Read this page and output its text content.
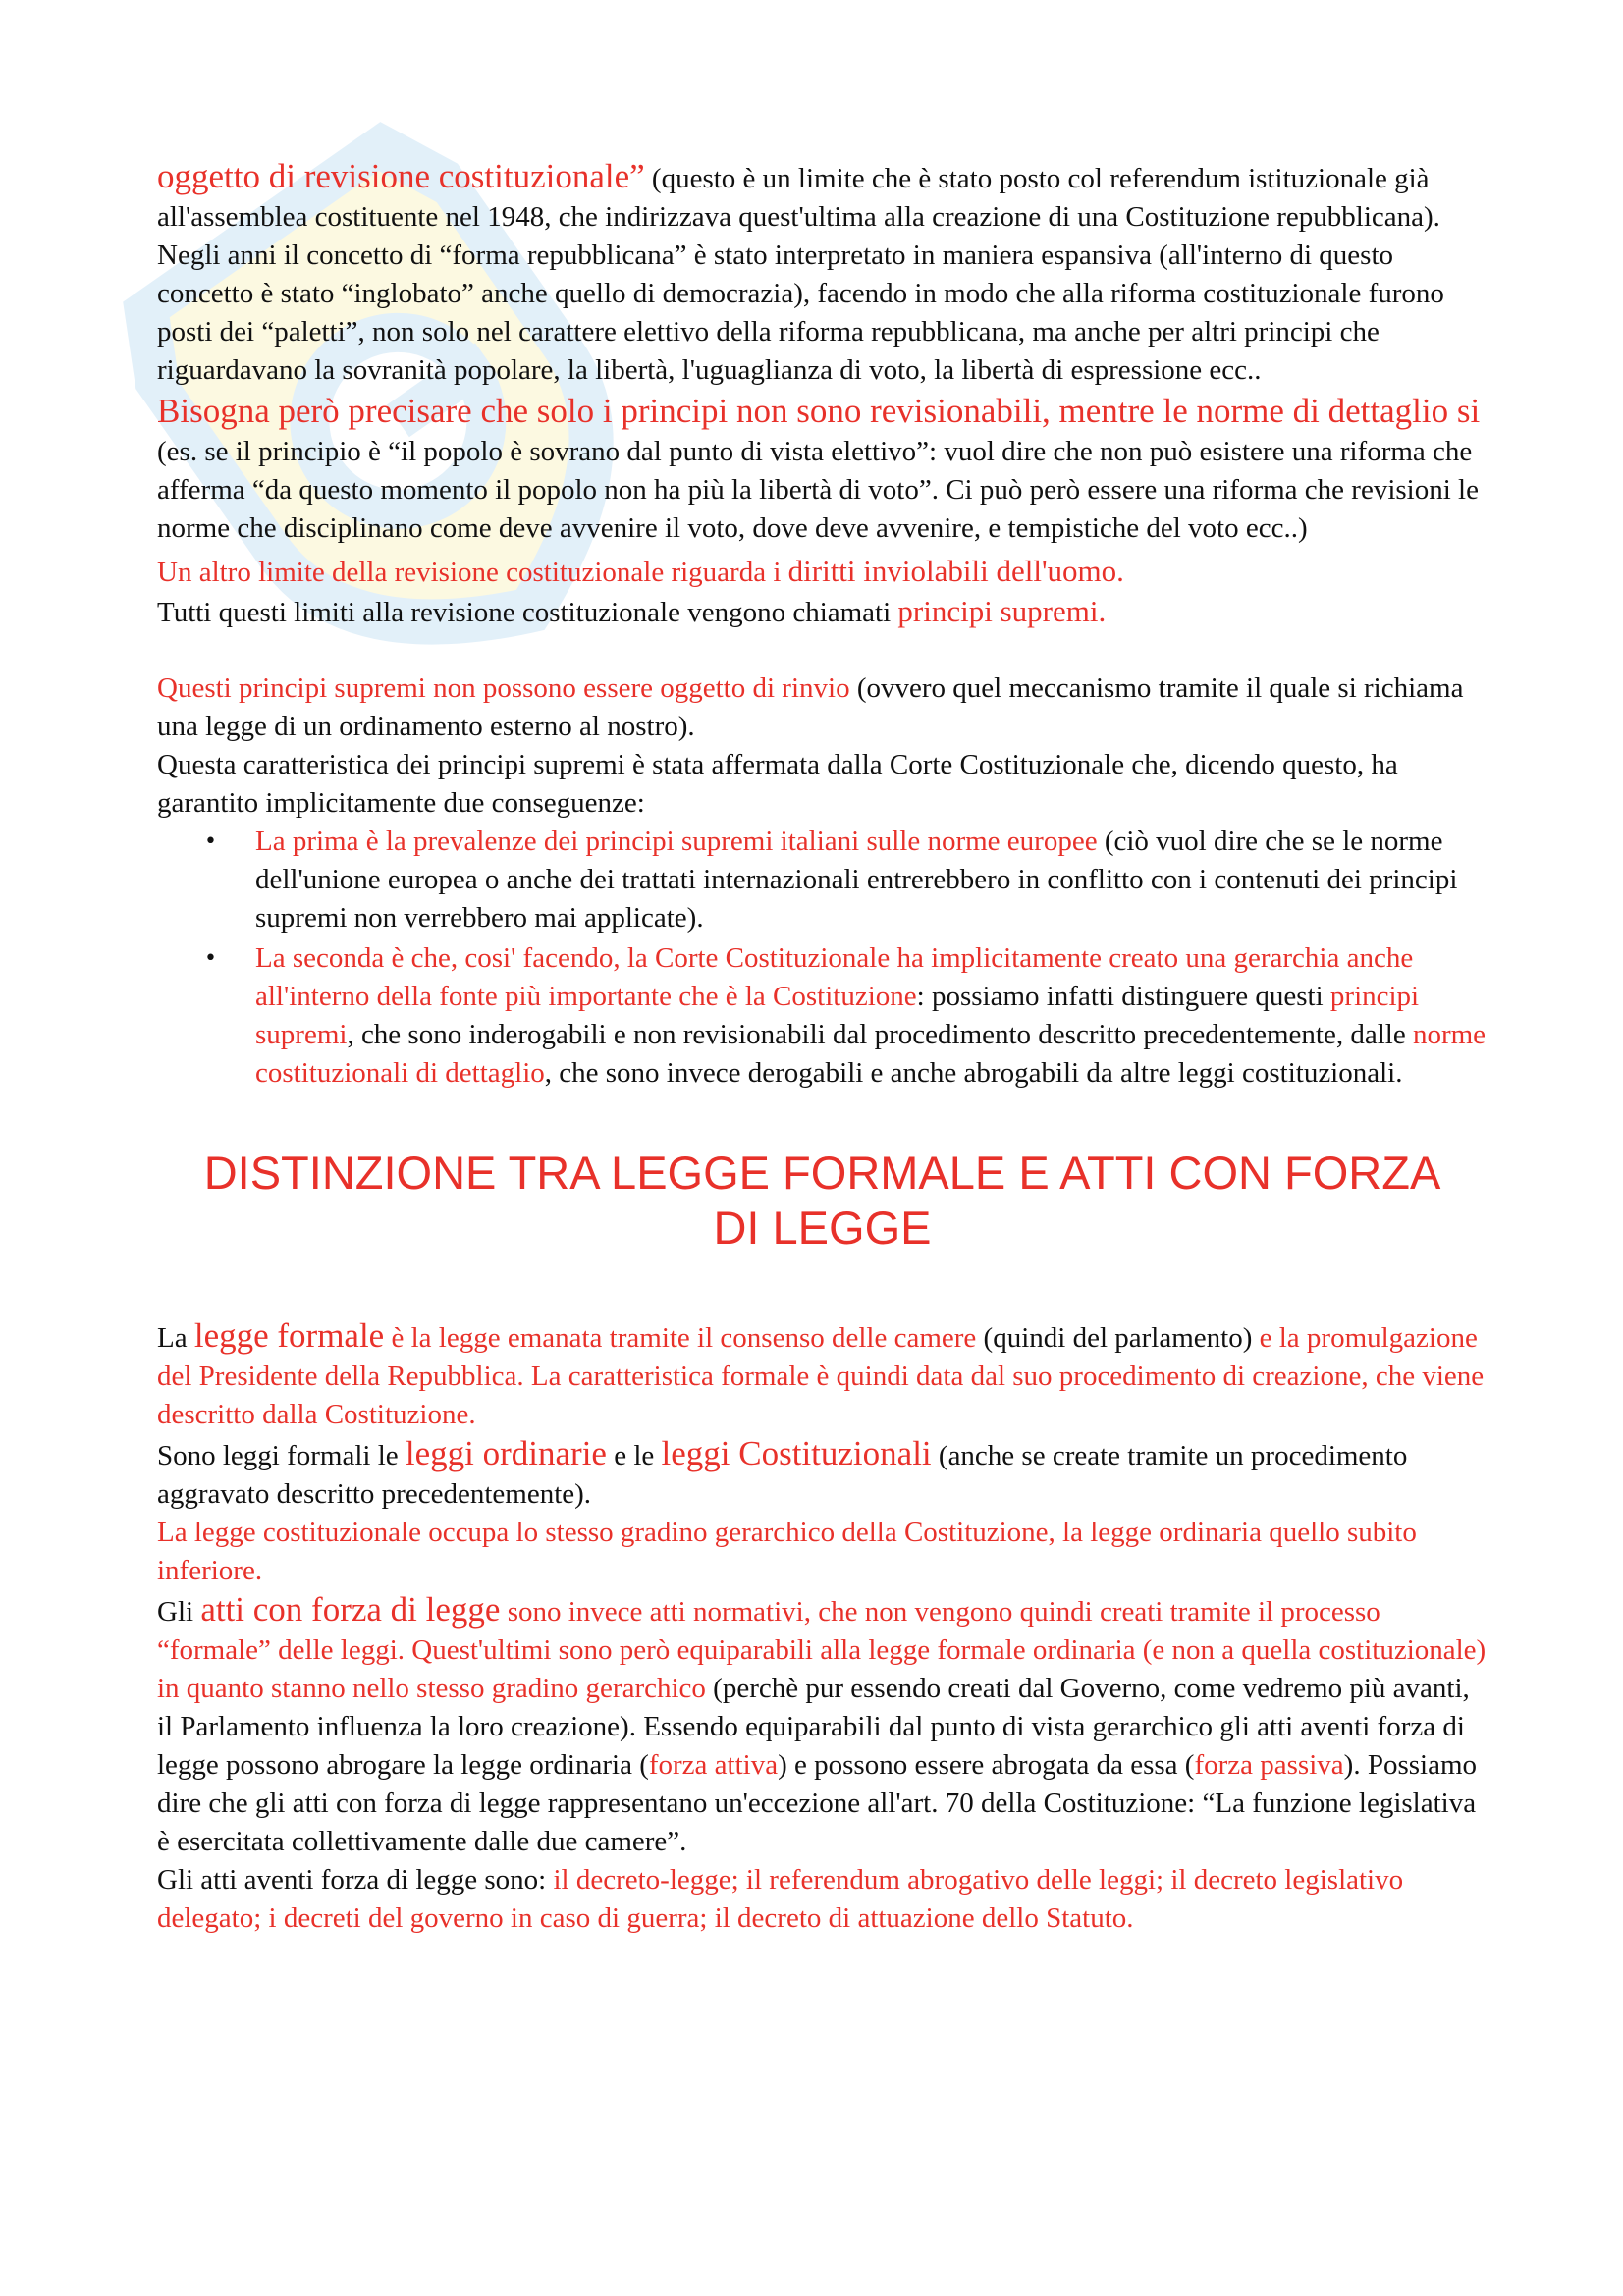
oggetto di revisione costituzionale” (questo è un limite che è stato posto col referendum istituzionale già all'assemblea costituente nel 1948, che indirizzava quest'ultima alla creazione di una Costituzione repubblicana).

Negli anni il concetto di “forma repubblicana” è stato interpretato in maniera espansiva (all'interno di questo concetto è stato “inglobato” anche quello di democrazia), facendo in modo che alla riforma costituzionale furono posti dei “paletti”, non solo nel carattere elettivo della riforma repubblicana, ma anche per altri principi che riguardavano la sovranità popolare, la libertà, l'uguaglianza di voto, la libertà di espressione ecc..

Bisogna però precisare che solo i principi non sono revisionabili, mentre le norme di dettaglio si (es. se il principio è “il popolo è sovrano dal punto di vista elettivo”: vuol dire che non può esistere una riforma che afferma “da questo momento il popolo non ha più la libertà di voto”. Ci può però essere una riforma che revisioni le norme che disciplinano come deve avvenire il voto, dove deve avvenire, e tempistiche del voto ecc..)

Un altro limite della revisione costituzionale riguarda i diritti inviolabili dell'uomo.

Tutti questi limiti alla revisione costituzionale vengono chiamati principi supremi.

Questi principi supremi non possono essere oggetto di rinvio (ovvero quel meccanismo tramite il quale si richiama una legge di un ordinamento esterno al nostro).

Questa caratteristica dei principi supremi è stata affermata dalla Corte Costituzionale che, dicendo questo, ha garantito implicitamente due conseguenze:

• La prima è la prevalenze dei principi supremi italiani sulle norme europee (ciò vuol dire che se le norme dell'unione europea o anche dei trattati internazionali entrerebbero in conflitto con i contenuti dei principi supremi non verrebbero mai applicate).
• La seconda è che, cosi' facendo, la Corte Costituzionale ha implicitamente creato una gerarchia anche all'interno della fonte più importante che è la Costituzione: possiamo infatti distinguere questi principi supremi, che sono inderogabili e non revisionabili dal procedimento descritto precedentemente, dalle norme costituzionali di dettaglio, che sono invece derogabili e anche abrogabili da altre leggi costituzionali.
DISTINZIONE TRA LEGGE FORMALE E ATTI CON FORZA DI LEGGE

La legge formale è la legge emanata tramite il consenso delle camere (quindi del parlamento) e la promulgazione del Presidente della Repubblica. La caratteristica formale è quindi data dal suo procedimento di creazione, che viene descritto dalla Costituzione.

Sono leggi formali le leggi ordinarie e le leggi Costituzionali (anche se create tramite un procedimento aggravato descritto precedentemente).

La legge costituzionale occupa lo stesso gradino gerarchico della Costituzione, la legge ordinaria quello subito inferiore.

Gli atti con forza di legge sono invece atti normativi, che non vengono quindi creati tramite il processo “formale” delle leggi. Quest'ultimi sono però equiparabili alla legge formale ordinaria (e non a quella costituzionale) in quanto stanno nello stesso gradino gerarchico (perchè pur essendo creati dal Governo, come vedremo più avanti, il Parlamento influenza la loro creazione). Essendo equiparabili dal punto di vista gerarchico gli atti aventi forza di legge possono abrogare la legge ordinaria (forza attiva) e possono essere abrogata da essa (forza passiva). Possiamo dire che gli atti con forza di legge rappresentano un'eccezione all'art. 70 della Costituzione: “La funzione legislativa è esercitata collettivamente dalle due camere”.

Gli atti aventi forza di legge sono: il decreto-legge; il referendum abrogativo delle leggi; il decreto legislativo delegato; i decreti del governo in caso di guerra; il decreto di attuazione dello Statuto.
